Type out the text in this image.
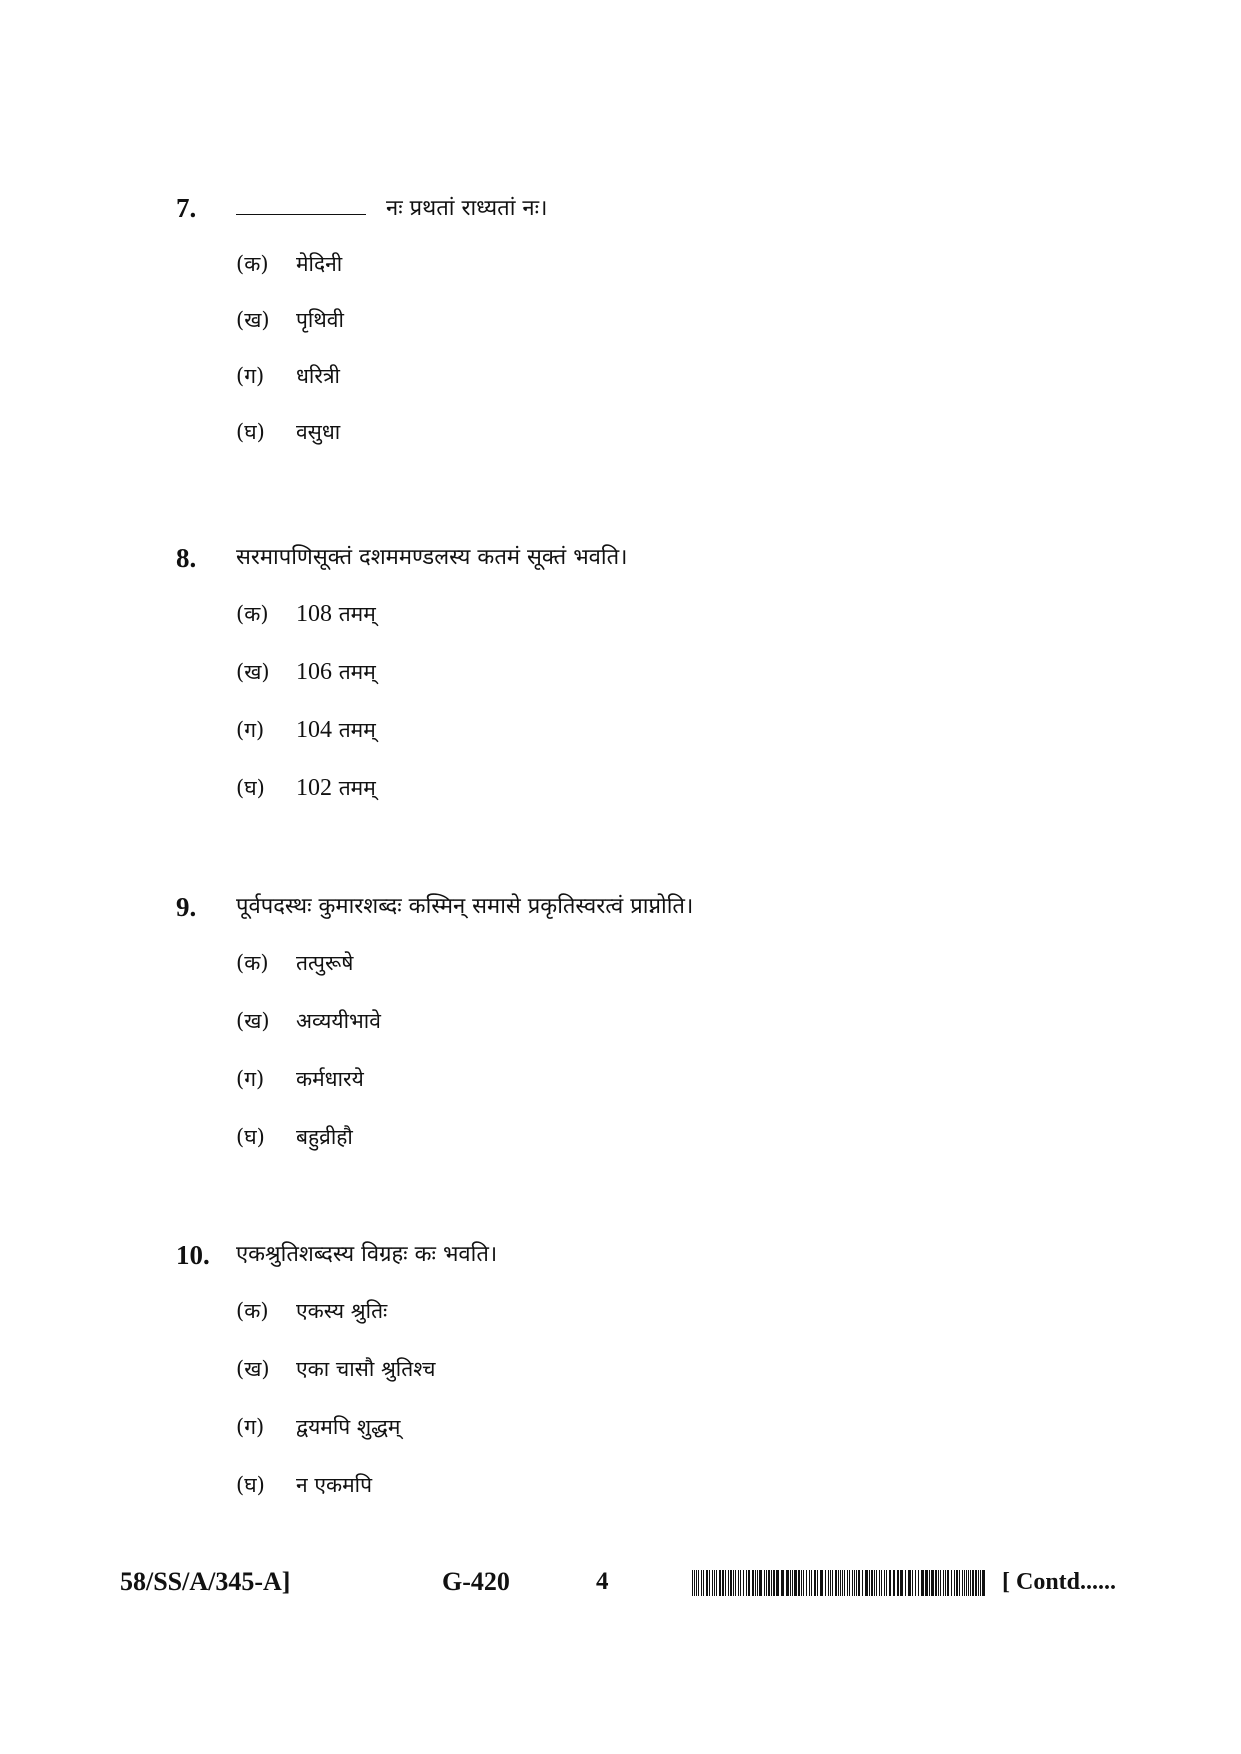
7.	नः प्रथतां राध्यतां नः।
(क) मेदिनी
(ख) पृथिवी
(ग) धरित्री
(घ) वसुधा
8. सरमापणिसूक्तं दशममण्डलस्य कतमं सूक्तं भवति।
(क) 108 तमम्
(ख) 106 तमम्
(ग) 104 तमम्
(घ) 102 तमम्
9. पूर्वपदस्थः कुमारशब्दः कस्मिन् समासे प्रकृतिस्वरत्वं प्राप्नोति।
(क) तत्पुरूषे
(ख) अव्ययीभावे
(ग) कर्मधारये
(घ) बहुव्रीहौ
10. एकश्रुतिशब्दस्य विग्रहः कः भवति।
(क) एकस्य श्रुतिः
(ख) एका चासौ श्रुतिश्च
(ग) द्वयमपि शुद्धम्
(घ) न एकमपि
58/SS/A/345-A]	G-420	4	[ Contd......
